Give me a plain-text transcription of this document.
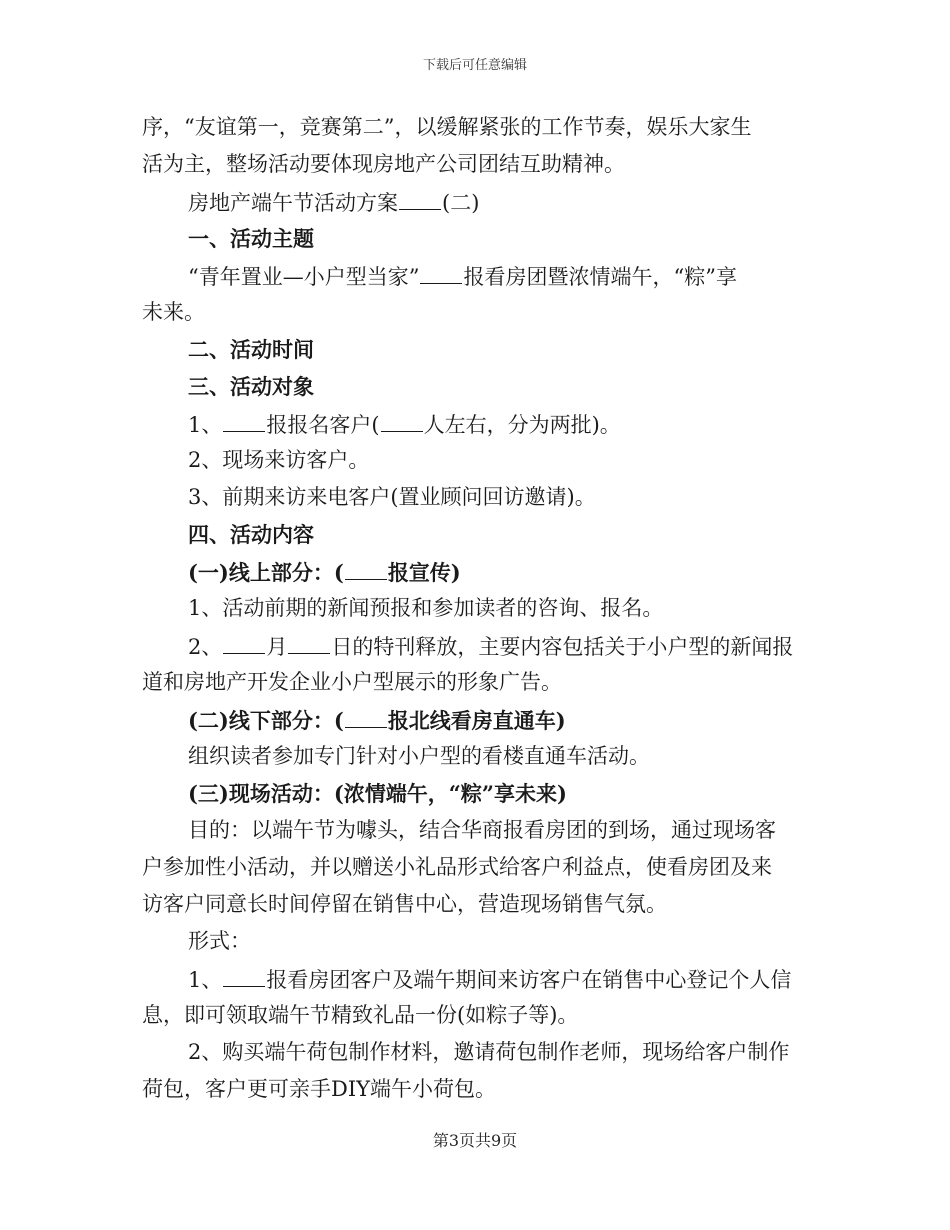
下载后可任意编辑
序，“友谊第一，竞赛第二”，以缓解紧张的工作节奏，娱乐大家生
活为主，整场活动要体现房地产公司团结互助精神。
房地产端午节活动方案 (二)
一、活动主题
“青年置业—小户型当家” 报看房团暨浓情端午，“粽”享
未来。
二、活动时间
三、活动对象
1、 报报名客户( 人左右，分为两批)。
2、现场来访客户。
3、前期来访来电客户(置业顾问回访邀请)。
四、活动内容
(一)线上部分：( 报宣传)
1、活动前期的新闻预报和参加读者的咨询、报名。
2、 月 日的特刊释放，主要内容包括关于小户型的新闻报
道和房地产开发企业小户型展示的形象广告。
(二)线下部分：( 报北线看房直通车)
组织读者参加专门针对小户型的看楼直通车活动。
(三)现场活动：(浓情端午，“粽”享未来)
目的：以端午节为噱头，结合华商报看房团的到场，通过现场客
户参加性小活动，并以赠送小礼品形式给客户利益点，使看房团及来
访客户同意长时间停留在销售中心，营造现场销售气氛。
形式：
1、 报看房团客户及端午期间来访客户在销售中心登记个人信
息，即可领取端午节精致礼品一份(如粽子等)。
2、购买端午荷包制作材料，邀请荷包制作老师，现场给客户制作
荷包，客户更可亲手DIY端午小荷包。
第3页共9页
